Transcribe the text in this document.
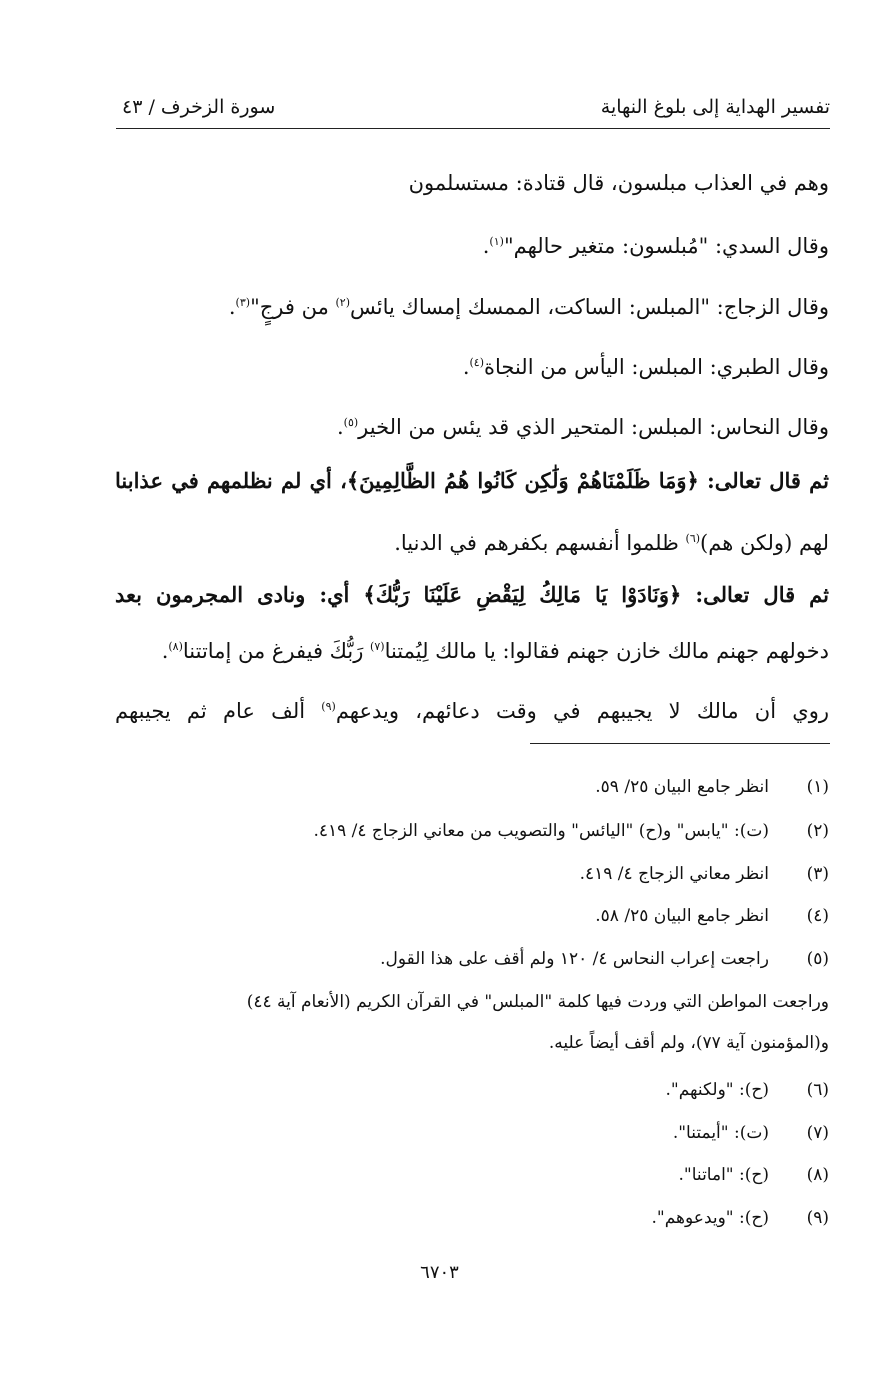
تفسير الهداية إلى بلوغ النهاية
سورة الزخرف / ٤٣
وهم في العذاب مبلسون، قال قتادة: مستسلمون
وقال السدي: "مُبلسون: متغير حالهم"$^{(١)}$.
وقال الزجاج: "المبلس: الساكت، الممسك إمساك يائس$^{(٢)}$ من فرجٍ"$^{(٣)}$.
وقال الطبري: المبلس: اليأس من النجاة$^{(٤)}$.
وقال النحاس: المبلس: المتحير الذي قد يئس من الخير$^{(٥)}$.
ثم قال تعالى: ﴿وَمَا ظَلَمْنَاهُمْ وَلَٰكِن كَانُوا هُمُ الظَّالِمِينَ﴾، أي لم نظلمهم في عذابنا
لهم (ولكن هم)$^{(٦)}$ ظلموا أنفسهم بكفرهم في الدنيا.
ثم قال تعالى: ﴿وَنَادَوْا يَا مَالِكُ لِيَقْضِ عَلَيْنَا رَبُّكَ﴾ أي: ونادى المجرمون بعد
دخولهم جهنم مالك خازن جهنم فقالوا: يا مالك لِيُمتنا$^{(٧)}$ رَبُّكَ فيفرغ من إماتتنا$^{(٨)}$.
روي أن مالك لا يجيبهم في وقت دعائهم، ويدعهم$^{(٩)}$ ألف عام ثم يجيبهم
(١)انظر جامع البيان ٢٥/ ٥٩.
(٢)(ت): "يابس" و(ح) "اليائس" والتصويب من معاني الزجاج ٤/ ٤١٩.
(٣)انظر معاني الزجاج ٤/ ٤١٩.
(٤)انظر جامع البيان ٢٥/ ٥٨.
(٥)راجعت إعراب النحاس ٤/ ١٢٠ ولم أقف على هذا القول.
وراجعت المواطن التي وردت فيها كلمة "المبلس" في القرآن الكريم (الأنعام آية ٤٤)
و(المؤمنون آية ٧٧)، ولم أقف أيضاً عليه.
(٦)(ح): "ولكنهم".
(٧)(ت): "أيمتنا".
(٨)(ح): "اماتنا".
(٩)(ح): "ويدعوهم".
٦٧٠٣
